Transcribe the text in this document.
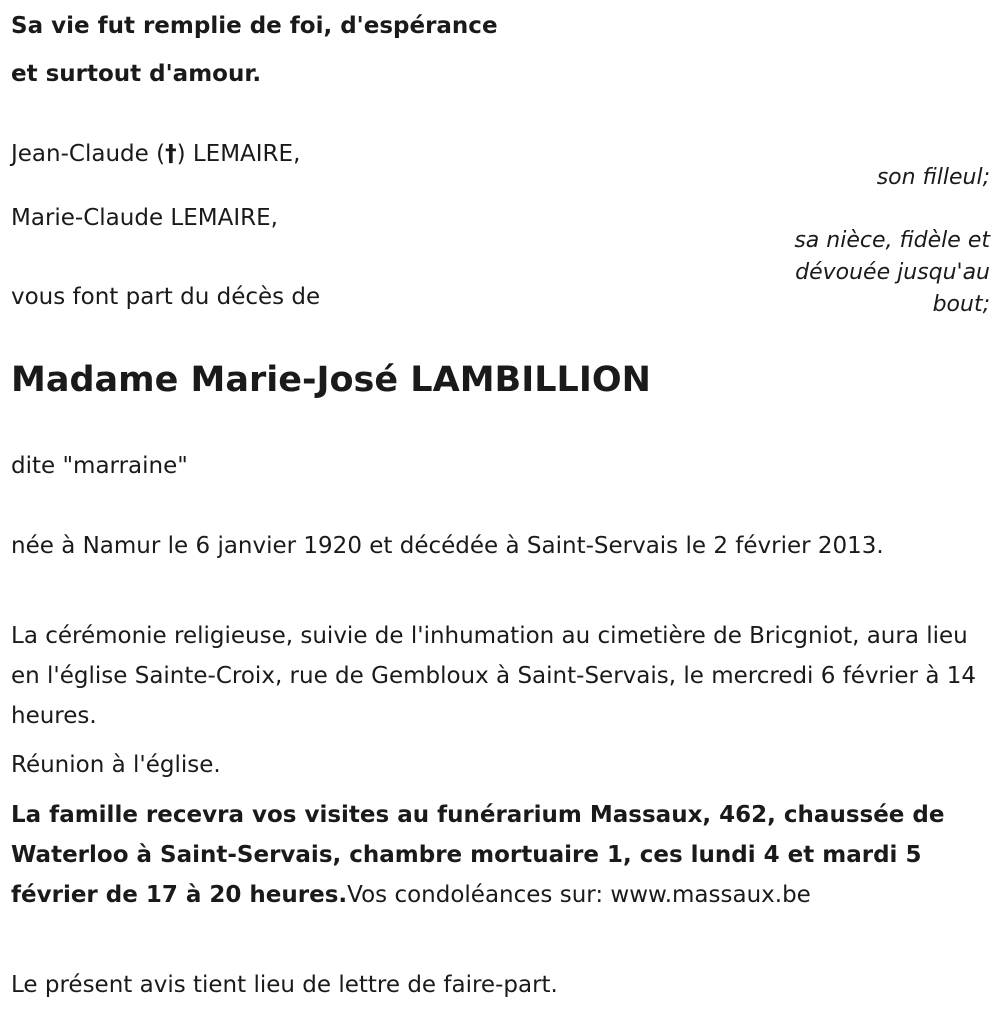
Sa vie fut remplie de foi, d'espérance
et surtout d'amour.

Jean-Claude (†) LEMAIRE,

son filleul;

Marie-Claude LEMAIRE,

sa nièce, fidèle et
dévouée jusqu'au
bout;

vous font part du décès de

Madame Marie-José LAMBILLION

dite "marraine"

née à Namur le 6 janvier 1920 et décédée à Saint-Servais le 2 février 2013.

La cérémonie religieuse, suivie de l'inhumation au cimetière de Bricgniot, aura lieu en l'église Sainte-Croix, rue de Gembloux à Saint-Servais, le mercredi 6 février à 14 heures.

Réunion à l'église.

La famille recevra vos visites au funérarium Massaux, 462, chaussée de Waterloo à Saint-Servais, chambre mortuaire 1, ces lundi 4 et mardi 5 février de 17 à 20 heures.Vos condoléances sur: www.massaux.be

Le présent avis tient lieu de lettre de faire-part.
